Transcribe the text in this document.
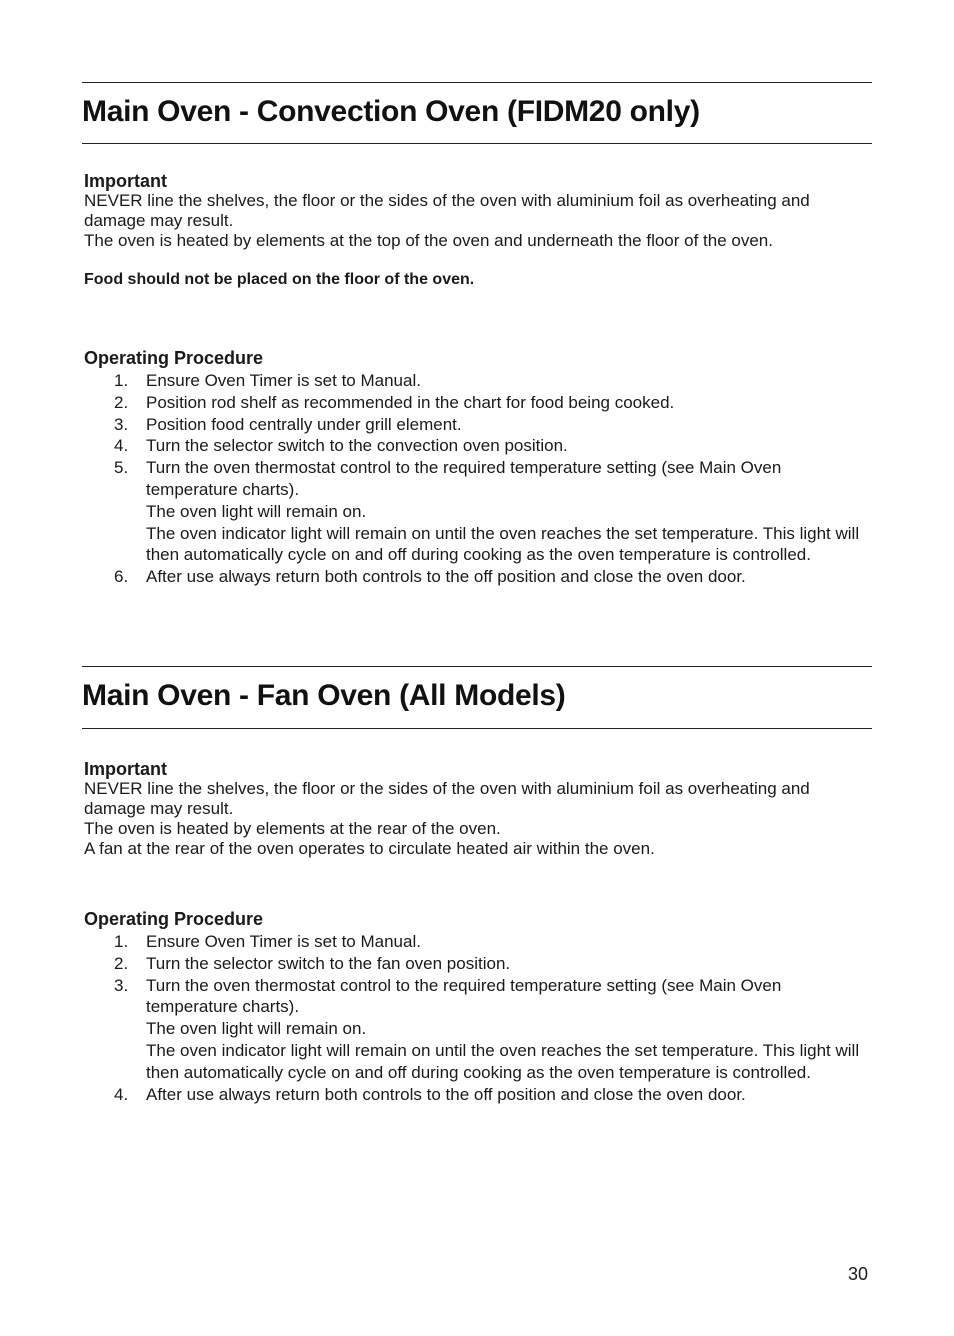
Main Oven - Convection Oven (FIDM20 only)
Important

NEVER line the shelves, the floor or the sides of the oven with aluminium foil as overheating and damage may result.

The oven is heated by elements at the top of the oven and underneath the floor of the oven.

Food should not be placed on the floor of the oven.
Operating Procedure
1.	Ensure Oven Timer is set to Manual.
2.	Position rod shelf as recommended in the chart for food being cooked.
3.	Position food centrally under grill element.
4.	Turn the selector switch to the convection oven position.
5.	Turn the oven thermostat control to the required temperature setting (see Main Oven temperature charts).
The oven light will remain on.
The oven indicator light will remain on until the oven reaches the set temperature. This light will then automatically cycle on and off during cooking as the oven temperature is controlled.
6.	After use always return both controls to the off position and close the oven door.
Main Oven - Fan Oven (All Models)
Important

NEVER line the shelves, the floor or the sides of the oven with aluminium foil as overheating and damage may result.

The oven is heated by elements at the rear of the oven.

A fan at the rear of the oven operates to circulate heated air within the oven.

Operating Procedure
1.	Ensure Oven Timer is set to Manual.
2.	Turn the selector switch to the fan oven position.
3.	Turn the oven thermostat control to the required temperature setting (see Main Oven temperature charts).
The oven light will remain on.
The oven indicator light will remain on until the oven reaches the set temperature. This light will then automatically cycle on and off during cooking as the oven temperature is controlled.
4.	After use always return both controls to the off position and close the oven door.
30
